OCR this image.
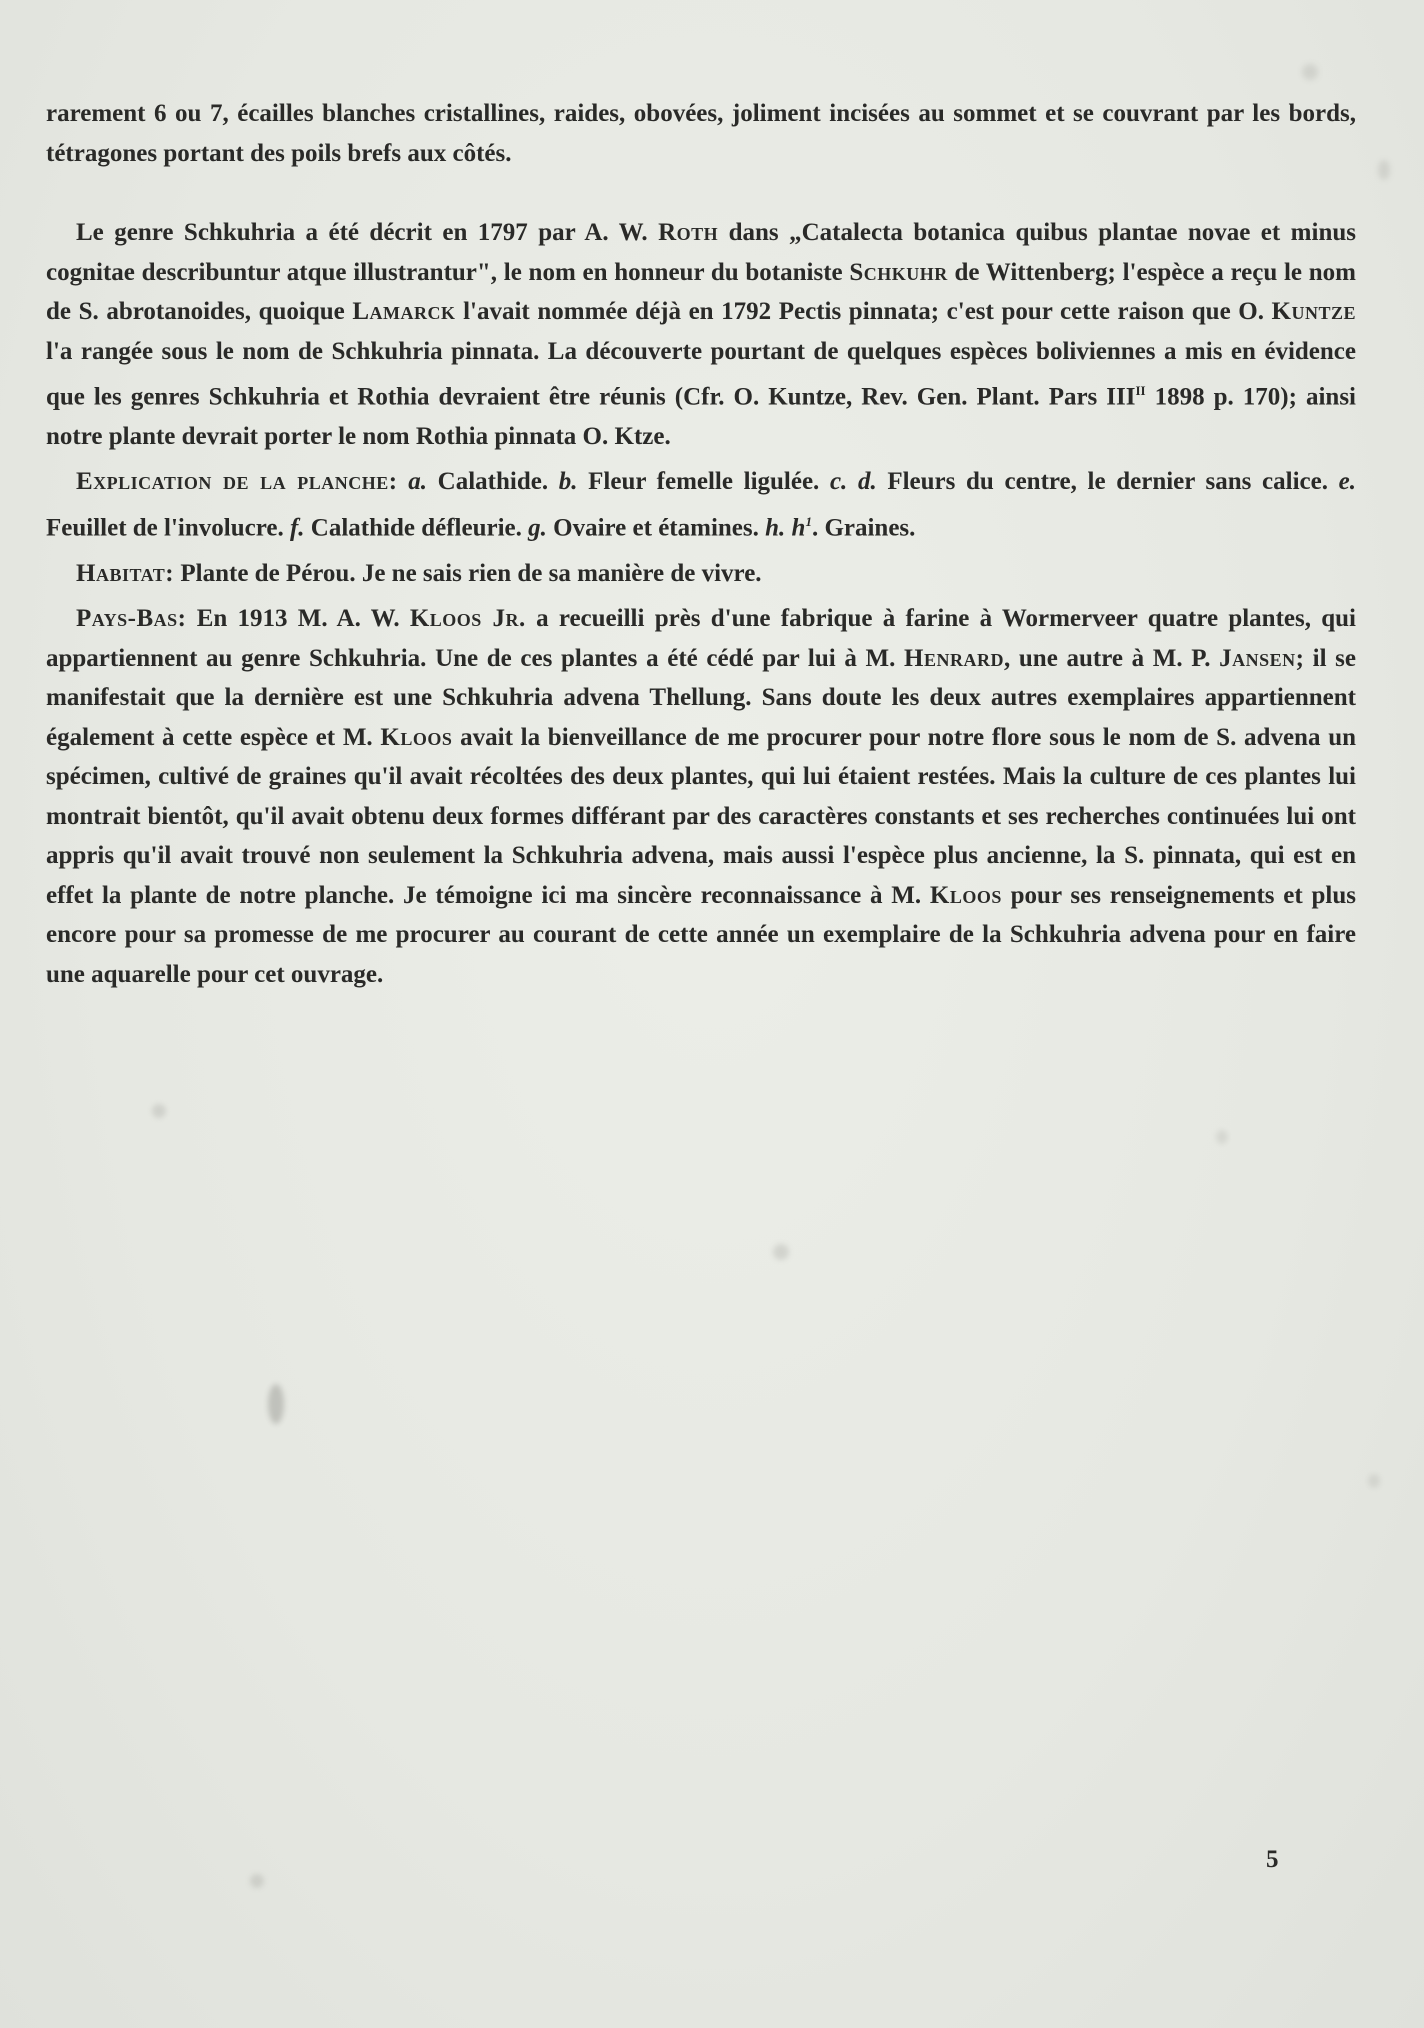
rarement 6 ou 7, écailles blanches cristallines, raides, obovées, joliment incisées au sommet et se couvrant par les bords, tétragones portant des poils brefs aux côtés.

Le genre Schkuhria a été décrit en 1797 par A. W. Roth dans „Catalecta botanica quibus plantae novae et minus cognitae describuntur atque illustrantur", le nom en honneur du botaniste Schkuhr de Wittenberg; l'espèce a reçu le nom de S. abrotanoides, quoique Lamarck l'avait nommée déjà en 1792 Pectis pinnata; c'est pour cette raison que O. Kuntze l'a rangée sous le nom de Schkuhria pinnata. La découverte pourtant de quelques espèces boliviennes a mis en évidence que les genres Schkuhria et Rothia devraient être réunis (Cfr. O. Kuntze, Rev. Gen. Plant. Pars $III^{II}$ 1898 p. 170); ainsi notre plante devrait porter le nom Rothia pinnata O. Ktze.

Explication de la planche: a. Calathide. b. Fleur femelle ligulée. c. d. Fleurs du centre, le dernier sans calice. e. Feuillet de l'involucre. f. Calathide défleurie. g. Ovaire et étamines. h. $h^1$. Graines.

Habitat: Plante de Pérou. Je ne sais rien de sa manière de vivre.

Pays-Bas: En 1913 M. A. W. Kloos Jr. a recueilli près d'une fabrique à farine à Wormerveer quatre plantes, qui appartiennent au genre Schkuhria. Une de ces plantes a été cédé par lui à M. Henrard, une autre à M. P. Jansen; il se manifestait que la dernière est une Schkuhria advena Thellung. Sans doute les deux autres exemplaires appartiennent également à cette espèce et M. Kloos avait la bienveillance de me procurer pour notre flore sous le nom de S. advena un spécimen, cultivé de graines qu'il avait récoltées des deux plantes, qui lui étaient restées. Mais la culture de ces plantes lui montrait bientôt, qu'il avait obtenu deux formes différant par des caractères constants et ses recherches continuées lui ont appris qu'il avait trouvé non seulement la Schkuhria advena, mais aussi l'espèce plus ancienne, la S. pinnata, qui est en effet la plante de notre planche. Je témoigne ici ma sincère reconnaissance à M. Kloos pour ses renseignements et plus encore pour sa promesse de me procurer au courant de cette année un exemplaire de la Schkuhria advena pour en faire une aquarelle pour cet ouvrage.

5
